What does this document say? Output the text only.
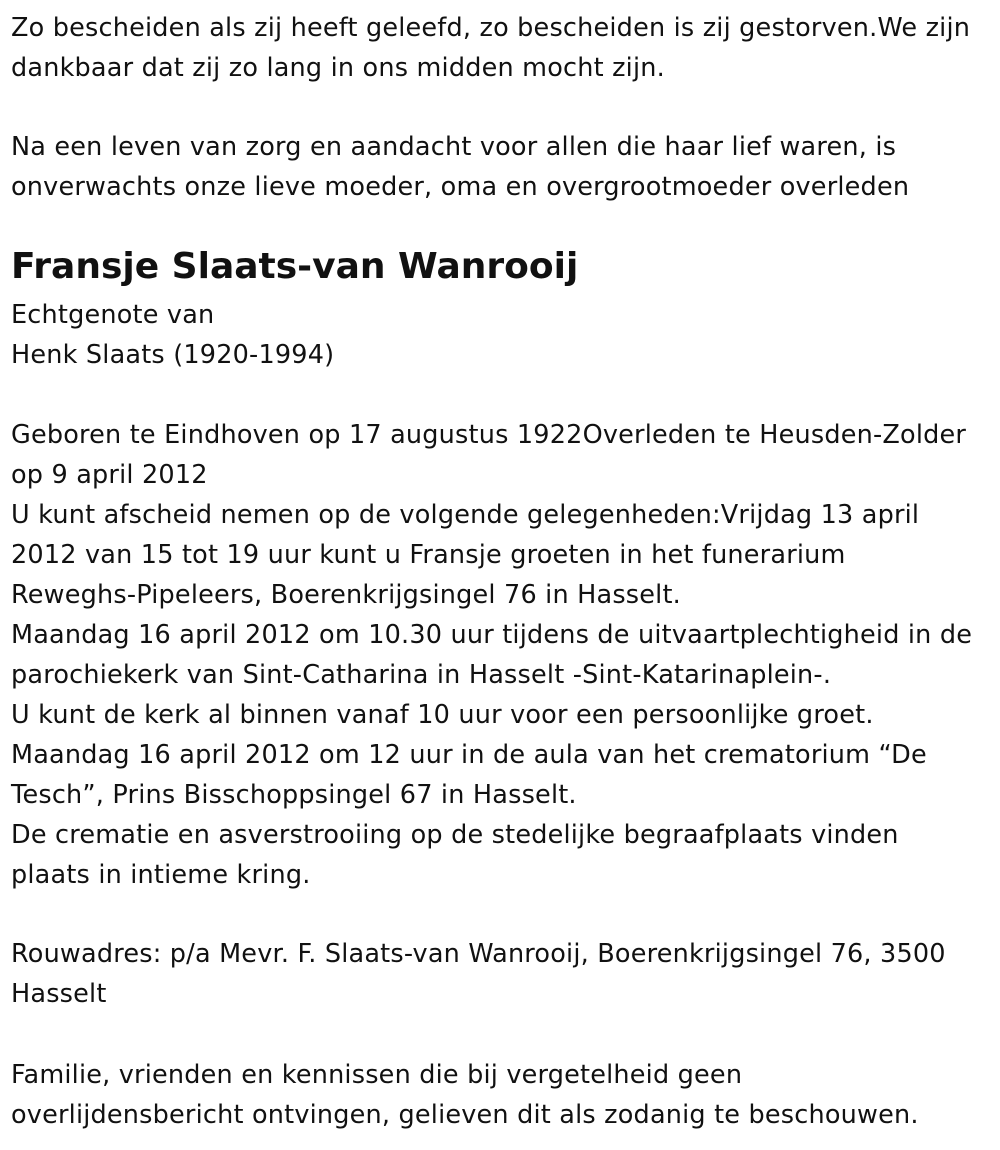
Zo bescheiden als zij heeft geleefd, zo bescheiden is zij gestorven.We zijn
dankbaar dat zij zo lang in ons midden mocht zijn.
Na een leven van zorg en aandacht voor allen die haar lief waren, is
onverwachts onze lieve moeder, oma en overgrootmoeder overleden
Fransje Slaats-van Wanrooij
Echtgenote van
Henk Slaats (1920-1994)
Geboren te Eindhoven op 17 augustus 1922Overleden te Heusden-Zolder
op 9 april 2012
U kunt afscheid nemen op de volgende gelegenheden:Vrijdag 13 april
2012 van 15 tot 19 uur kunt u Fransje groeten in het funerarium
Reweghs-Pipeleers, Boerenkrijgsingel 76 in Hasselt.
Maandag 16 april 2012 om 10.30 uur tijdens de uitvaartplechtigheid in de
parochiekerk van Sint-Catharina in Hasselt -Sint-Katarinaplein-.
U kunt de kerk al binnen vanaf 10 uur voor een persoonlijke groet.
Maandag 16 april 2012 om 12 uur in de aula van het crematorium “De
Tesch”, Prins Bisschoppsingel 67 in Hasselt.
De crematie en asverstrooiing op de stedelijke begraafplaats vinden
plaats in intieme kring.
Rouwadres: p/a Mevr. F. Slaats-van Wanrooij, Boerenkrijgsingel 76, 3500
Hasselt
Familie, vrienden en kennissen die bij vergetelheid geen
overlijdensbericht ontvingen, gelieven dit als zodanig te beschouwen.
